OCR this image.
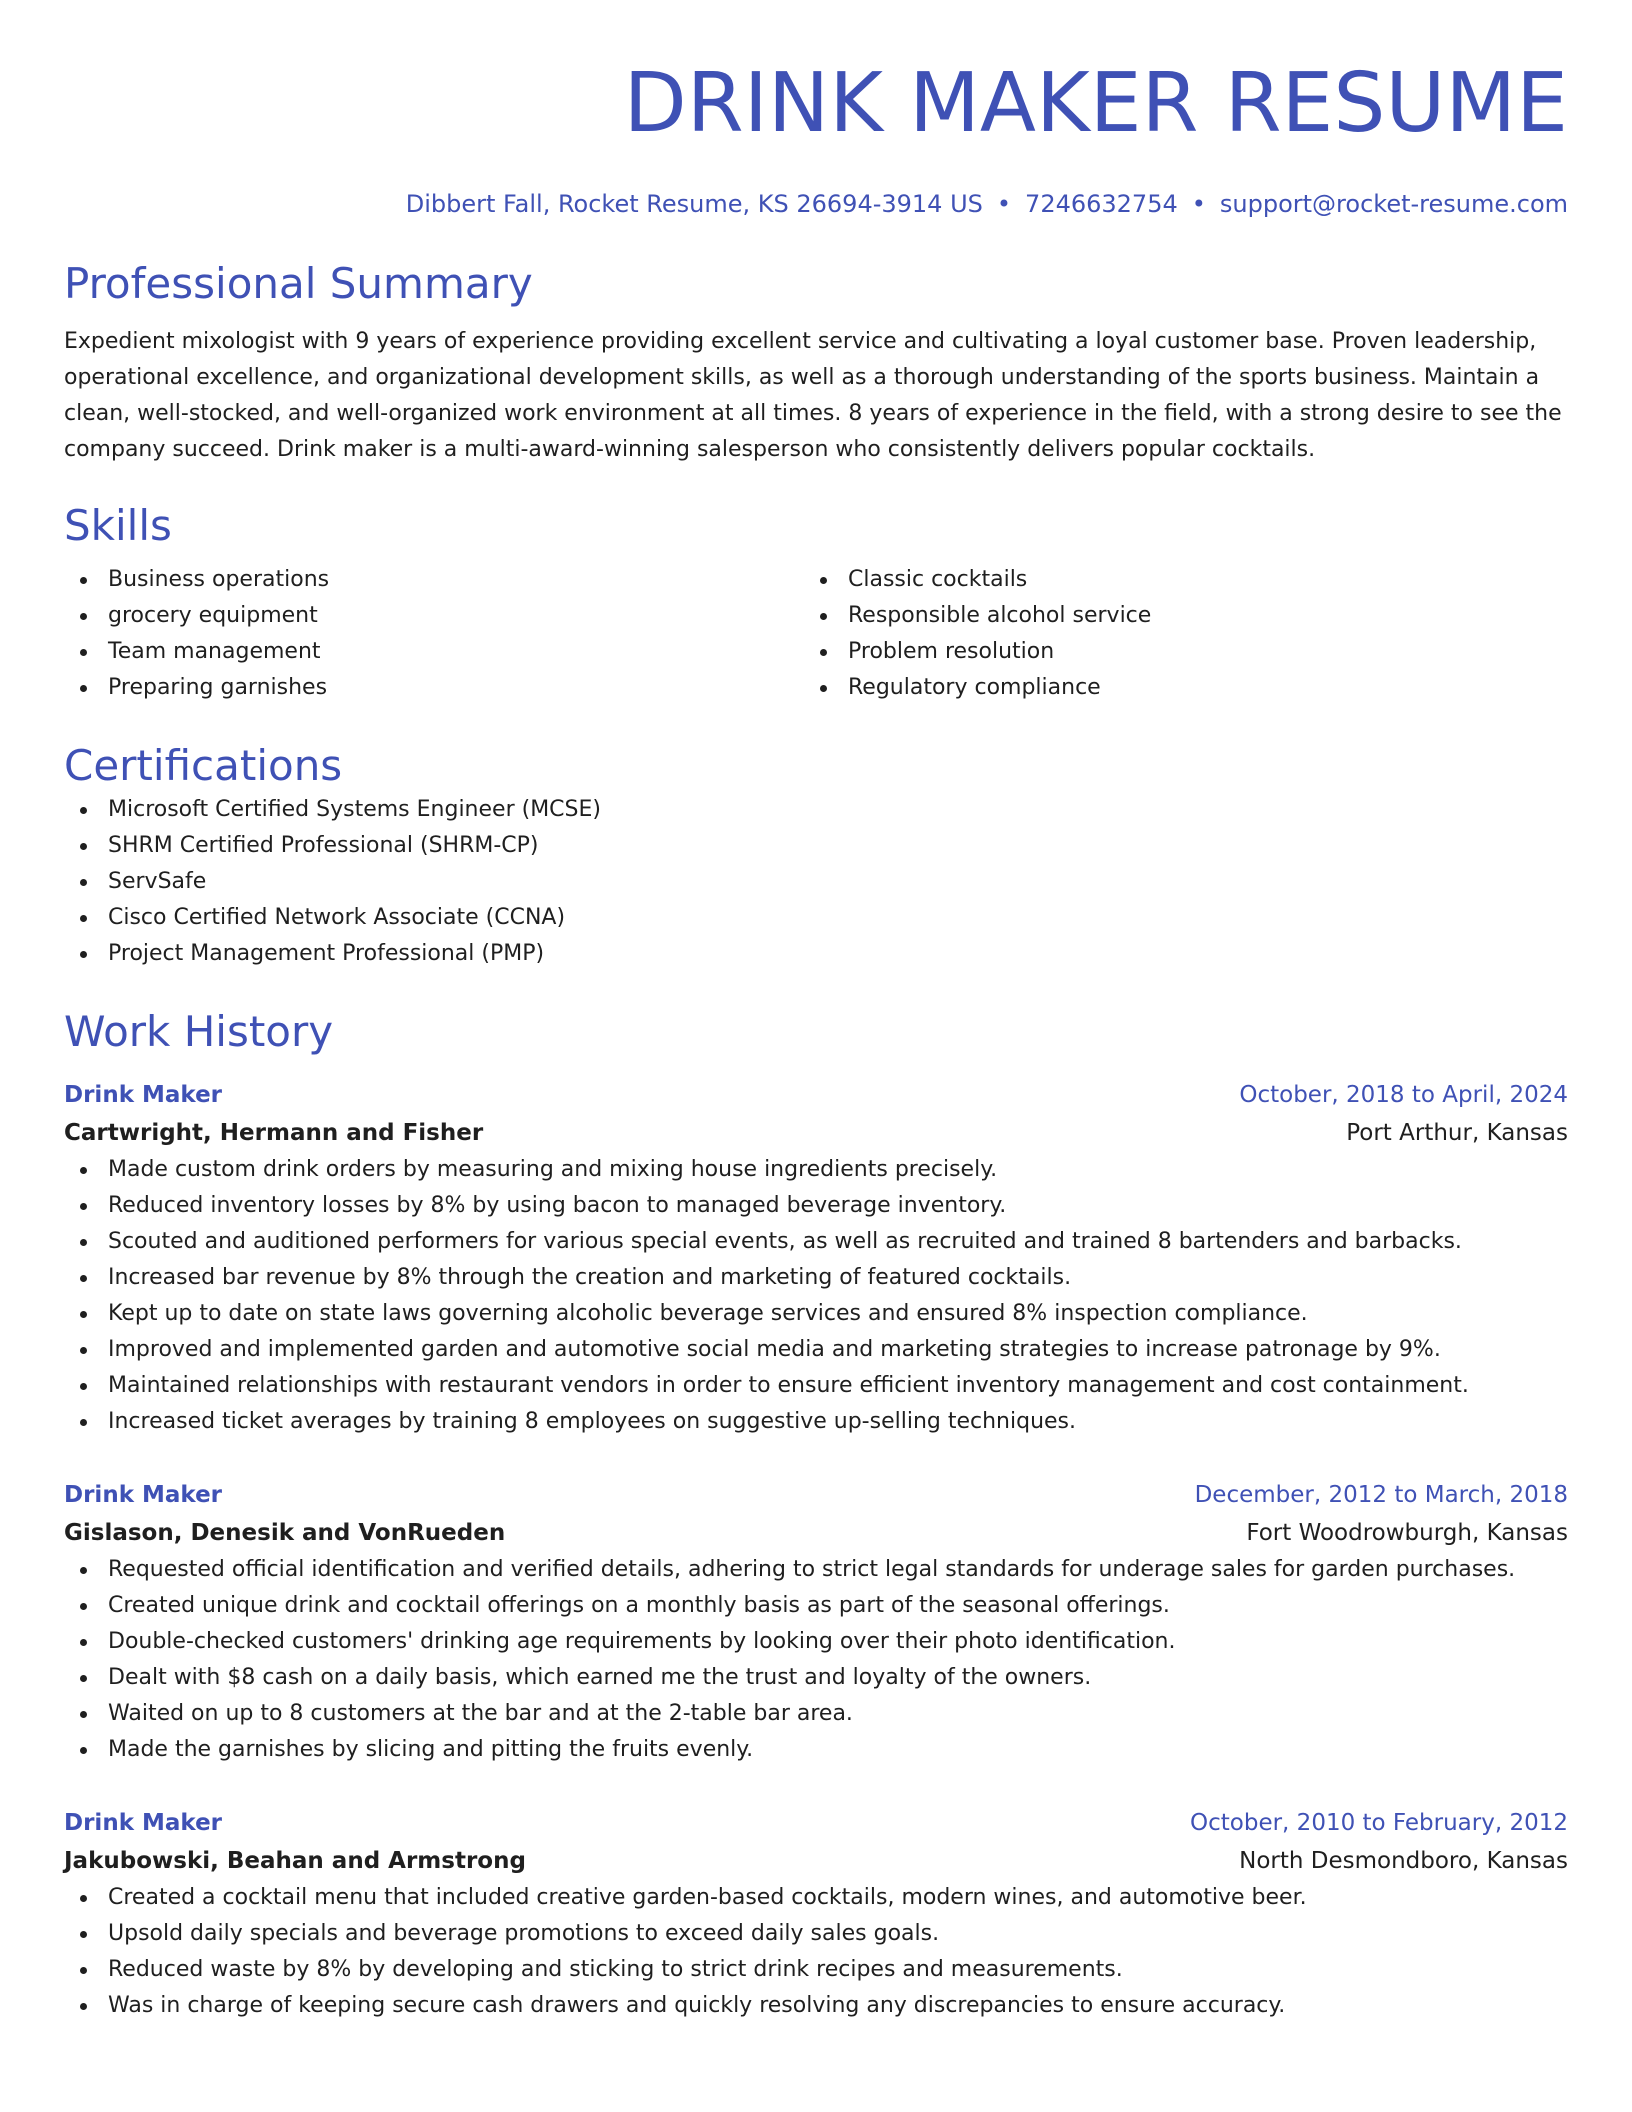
DRINK MAKER RESUME
Dibbert Fall, Rocket Resume, KS 26694-3914 US • 7246632754 • support@rocket-resume.com
Professional Summary
Expedient mixologist with 9 years of experience providing excellent service and cultivating a loyal customer base. Proven leadership, operational excellence, and organizational development skills, as well as a thorough understanding of the sports business. Maintain a clean, well-stocked, and well-organized work environment at all times. 8 years of experience in the field, with a strong desire to see the company succeed. Drink maker is a multi-award-winning salesperson who consistently delivers popular cocktails.
Skills
Business operations
grocery equipment
Team management
Preparing garnishes
Classic cocktails
Responsible alcohol service
Problem resolution
Regulatory compliance
Certifications
Microsoft Certified Systems Engineer (MCSE)
SHRM Certified Professional (SHRM-CP)
ServSafe
Cisco Certified Network Associate (CCNA)
Project Management Professional (PMP)
Work History
Drink Maker	October, 2018 to April, 2024
Cartwright, Hermann and Fisher	Port Arthur, Kansas
Made custom drink orders by measuring and mixing house ingredients precisely.
Reduced inventory losses by 8% by using bacon to managed beverage inventory.
Scouted and auditioned performers for various special events, as well as recruited and trained 8 bartenders and barbacks.
Increased bar revenue by 8% through the creation and marketing of featured cocktails.
Kept up to date on state laws governing alcoholic beverage services and ensured 8% inspection compliance.
Improved and implemented garden and automotive social media and marketing strategies to increase patronage by 9%.
Maintained relationships with restaurant vendors in order to ensure efficient inventory management and cost containment.
Increased ticket averages by training 8 employees on suggestive up-selling techniques.
Drink Maker	December, 2012 to March, 2018
Gislason, Denesik and VonRueden	Fort Woodrowburgh, Kansas
Requested official identification and verified details, adhering to strict legal standards for underage sales for garden purchases.
Created unique drink and cocktail offerings on a monthly basis as part of the seasonal offerings.
Double-checked customers' drinking age requirements by looking over their photo identification.
Dealt with $8 cash on a daily basis, which earned me the trust and loyalty of the owners.
Waited on up to 8 customers at the bar and at the 2-table bar area.
Made the garnishes by slicing and pitting the fruits evenly.
Drink Maker	October, 2010 to February, 2012
Jakubowski, Beahan and Armstrong	North Desmondboro, Kansas
Created a cocktail menu that included creative garden-based cocktails, modern wines, and automotive beer.
Upsold daily specials and beverage promotions to exceed daily sales goals.
Reduced waste by 8% by developing and sticking to strict drink recipes and measurements.
Was in charge of keeping secure cash drawers and quickly resolving any discrepancies to ensure accuracy.
